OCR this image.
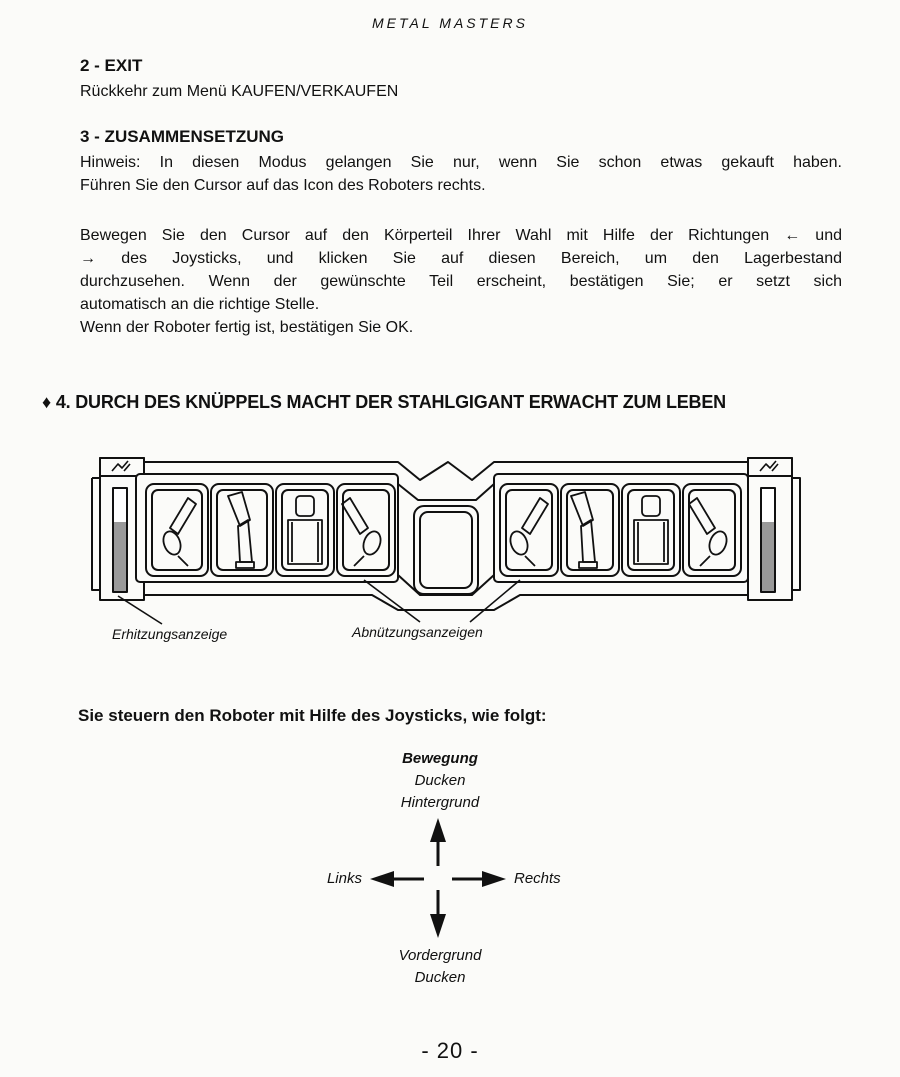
METAL MASTERS
2 - EXIT
Rückkehr zum Menü KAUFEN/VERKAUFEN
3 - ZUSAMMENSETZUNG
Hinweis: In diesen Modus gelangen Sie nur, wenn Sie schon etwas gekauft haben.
Führen Sie den Cursor auf das Icon des Roboters rechts.
Bewegen Sie den Cursor auf den Körperteil Ihrer Wahl mit Hilfe der Richtungen ← und
→ des Joysticks, und klicken Sie auf diesen Bereich, um den Lagerbestand
durchzusehen. Wenn der gewünschte Teil erscheint, bestätigen Sie; er setzt sich
automatisch an die richtige Stelle.
Wenn der Roboter fertig ist, bestätigen Sie OK.
♦ 4. DURCH DES KNÜPPELS MACHT DER STAHLGIGANT ERWACHT ZUM LEBEN
Erhitzungsanzeige	Abnützungsanzeigen
Sie steuern den Roboter mit Hilfe des Joysticks, wie folgt:
Bewegung
Ducken
Hintergrund
Links	Rechts
Vordergrund
Ducken
- 20 -
